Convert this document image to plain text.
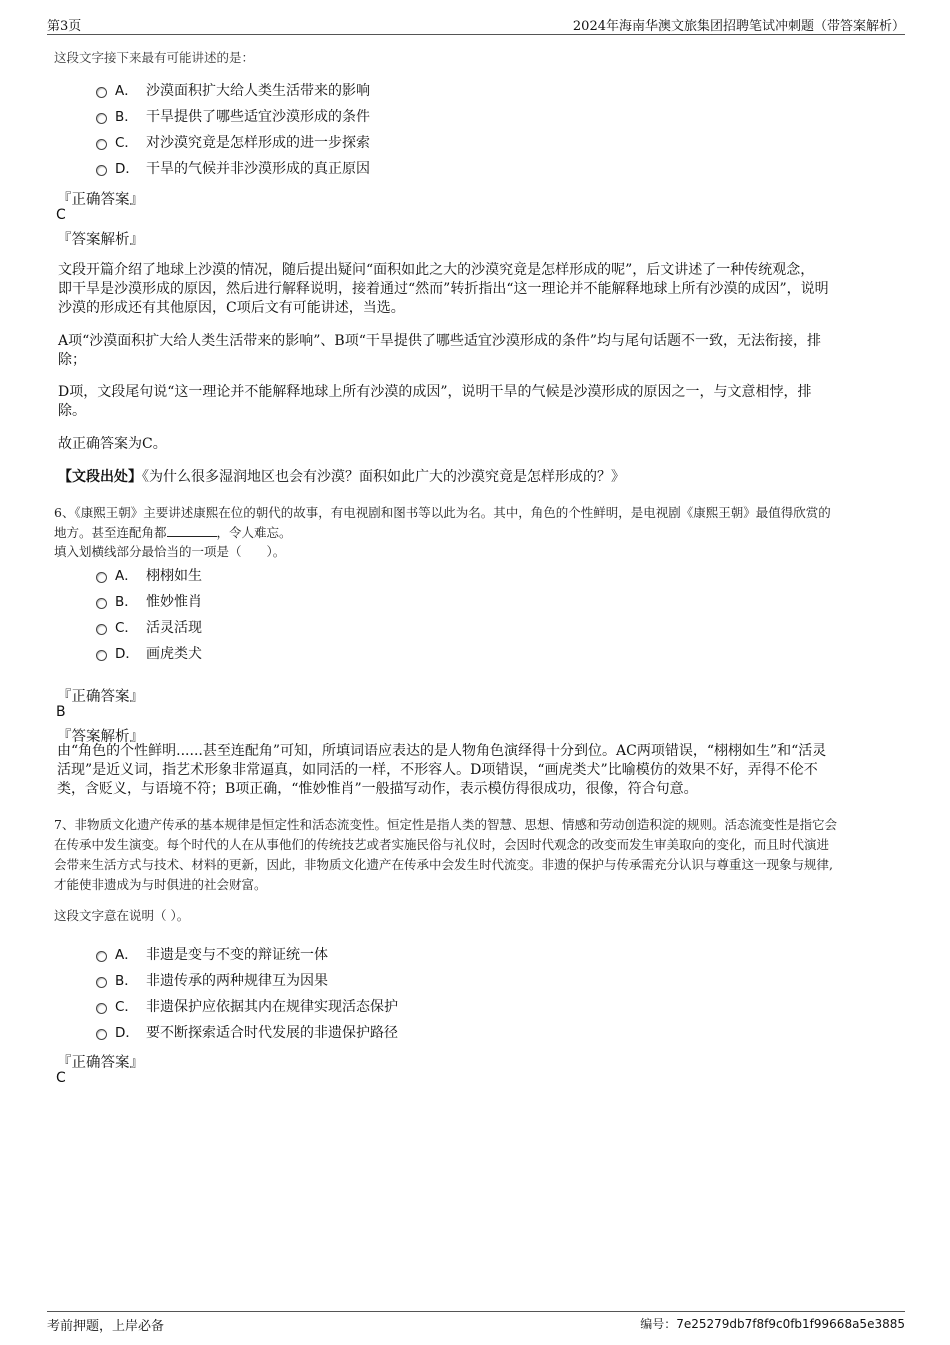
第3页	2024年海南华澳文旅集团招聘笔试冲刺题（带答案解析）
这段文字接下来最有可能讲述的是：
A． 沙漠面积扩大给人类生活带来的影响
B． 干旱提供了哪些适宜沙漠形成的条件
C． 对沙漠究竟是怎样形成的进一步探索
D． 干旱的气候并非沙漠形成的真正原因
『正确答案』
C
『答案解析』
文段开篇介绍了地球上沙漠的情况，随后提出疑问“面积如此之大的沙漠究竟是怎样形成的呢”，后文讲述了一种传统观念，
即干旱是沙漠形成的原因，然后进行解释说明，接着通过“然而”转折指出“这一理论并不能解释地球上所有沙漠的成因”，说明
沙漠的形成还有其他原因，C项后文有可能讲述，当选。
A项“沙漠面积扩大给人类生活带来的影响”、B项“干旱提供了哪些适宜沙漠形成的条件”均与尾句话题不一致，无法衔接，排
除；
D项，文段尾句说“这一理论并不能解释地球上所有沙漠的成因”，说明干旱的气候是沙漠形成的原因之一，与文意相悖，排
除。
故正确答案为C。
【文段出处】《为什么很多湿润地区也会有沙漠？面积如此广大的沙漠究竟是怎样形成的？》
6、《康熙王朝》主要讲述康熙在位的朝代的故事，有电视剧和图书等以此为名。其中，角色的个性鲜明，是电视剧《康熙王朝》最值得欣赏的
地方。甚至连配角都	，令人难忘。
填入划横线部分最恰当的一项是（　　）。
A． 栩栩如生
B． 惟妙惟肖
C． 活灵活现
D． 画虎类犬
『正确答案』
B
『答案解析』
由“角色的个性鲜明......甚至连配角”可知，所填词语应表达的是人物角色演绎得十分到位。AC两项错误，“栩栩如生”和“活灵
活现”是近义词，指艺术形象非常逼真，如同活的一样，不形容人。D项错误，“画虎类犬”比喻模仿的效果不好，弄得不伦不
类，含贬义，与语境不符；B项正确，“惟妙惟肖”一般描写动作，表示模仿得很成功，很像，符合句意。
7、非物质文化遗产传承的基本规律是恒定性和活态流变性。恒定性是指人类的智慧、思想、情感和劳动创造积淀的规则。活态流变性是指它会
在传承中发生演变。每个时代的人在从事他们的传统技艺或者实施民俗与礼仪时，会因时代观念的改变而发生审美取向的变化，而且时代演进
会带来生活方式与技术、材料的更新，因此，非物质文化遗产在传承中会发生时代流变。非遗的保护与传承需充分认识与尊重这一现象与规律,
才能使非遗成为与时俱进的社会财富。
这段文字意在说明（ ）。
A． 非遗是变与不变的辩证统一体
B． 非遗传承的两种规律互为因果
C． 非遗保护应依据其内在规律实现活态保护
D． 要不断探索适合时代发展的非遗保护路径
『正确答案』
C
考前押题，上岸必备	编号：7e25279db7f8f9c0fb1f99668a5e3885
